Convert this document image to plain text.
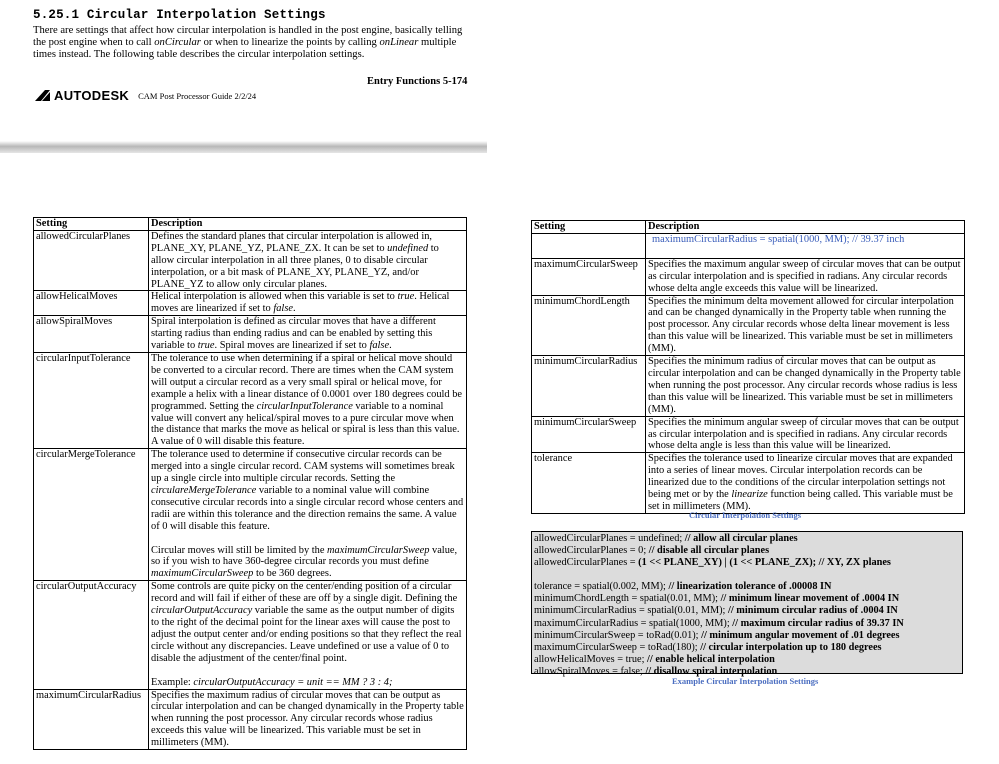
5.25.1 Circular Interpolation Settings
There are settings that affect how circular interpolation is handled in the post engine, basically telling the post engine when to call onCircular or when to linearize the points by calling onLinear multiple times instead. The following table describes the circular interpolation settings.
Entry Functions 5-174
AUTODESK CAM Post Processor Guide 2/2/24
Setting	Description
allowedCircularPlanes	Defines the standard planes that circular interpolation is allowed in, PLANE_XY, PLANE_YZ, PLANE_ZX. It can be set to undefined to allow circular interpolation in all three planes, 0 to disable circular interpolation, or a bit mask of PLANE_XY, PLANE_YZ, and/or PLANE_YZ to allow only circular planes.

allowHelicalMoves	Helical interpolation is allowed when this variable is set to true. Helical moves are linearized if set to false.

allowSpiralMoves	Spiral interpolation is defined as circular moves that have a different starting radius than ending radius and can be enabled by setting this variable to true. Spiral moves are linearized if set to false.

circularInputTolerance	The tolerance to use when determining if a spiral or helical move should be converted to a circular record. There are times when the CAM system will output a circular record as a very small spiral or helical move, for example a helix with a linear distance of 0.0001 over 180 degrees could be programmed. Setting the circularInputTolerance variable to a nominal value will convert any helical/spiral moves to a pure circular move when the distance that marks the move as helical or spiral is less than this value. A value of 0 will disable this feature.

circularMergeTolerance	The tolerance used to determine if consecutive circular records can be merged into a single circular record. CAM systems will sometimes break up a single circle into multiple circular records. Setting the circulareMergeTolerance variable to a nominal value will combine consecutive circular records into a single circular record whose centers and radii are within this tolerance and the direction remains the same. A value of 0 will disable this feature.
Circular moves will still be limited by the maximumCircularSweep value, so if you wish to have 360-degree circular records you must define maximumCircularSweep to be 360 degrees.

circularOutputAccuracy	Some controls are quite picky on the center/ending position of a circular record and will fail if either of these are off by a single digit. Defining the circularOutputAccuracy variable the same as the output number of digits to the right of the decimal point for the linear axes will cause the post to adjust the output center and/or ending positions so that they reflect the real circle without any discrepancies. Leave undefined or use a value of 0 to disable the adjustment of the center/final point.
Example: circularOutputAccuracy = unit == MM ? 3 : 4;

maximumCircularRadius	Specifies the maximum radius of circular moves that can be output as circular interpolation and can be changed dynamically in the Property table when running the post processor. Any circular records whose radius exceeds this value will be linearized. This variable must be set in millimeters (MM).
Setting	Description

	maximumCircularRadius = spatial(1000, MM); // 39.37 inch

maximumCircularSweep	Specifies the maximum angular sweep of circular moves that can be output as circular interpolation and is specified in radians. Any circular records whose delta angle exceeds this value will be linearized.

minimumChordLength	Specifies the minimum delta movement allowed for circular interpolation and can be changed dynamically in the Property table when running the post processor. Any circular records whose delta linear movement is less than this value will be linearized. This variable must be set in millimeters (MM).

minimumCircularRadius	Specifies the minimum radius of circular moves that can be output as circular interpolation and can be changed dynamically in the Property table when running the post processor. Any circular records whose radius is less than this value will be linearized. This variable must be set in millimeters (MM).

minimumCircularSweep	Specifies the minimum angular sweep of circular moves that can be output as circular interpolation and is specified in radians. Any circular records whose delta angle is less than this value will be linearized.

tolerance	Specifies the tolerance used to linearize circular moves that are expanded into a series of linear moves. Circular interpolation records can be linearized due to the conditions of the circular interpolation settings not being met or by the linearize function being called. This variable must be set in millimeters (MM).
Circular Interpolation Settings
allowedCircularPlanes = undefined; // allow all circular planes
allowedCircularPlanes = 0; // disable all circular planes
allowedCircularPlanes = (1 << PLANE_XY) | (1 << PLANE_ZX); // XY, ZX planes
tolerance = spatial(0.002, MM); // linearization tolerance of .00008 IN
minimumChordLength = spatial(0.01, MM); // minimum linear movement of .0004 IN
minimumCircularRadius = spatial(0.01, MM); // minimum circular radius of .0004 IN
maximumCircularRadius = spatial(1000, MM); // maximum circular radius of 39.37 IN
minimumCircularSweep = toRad(0.01); // minimum angular movement of .01 degrees
maximumCircularSweep = toRad(180); // circular interpolation up to 180 degrees
allowHelicalMoves = true; // enable helical interpolation
allowSpiralMoves = false; // disallow spiral interpolation
Example Circular Interpolation Settings
